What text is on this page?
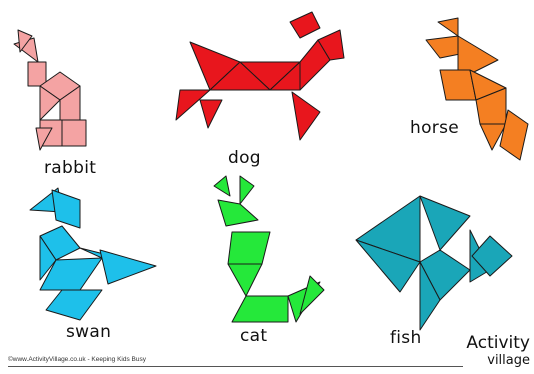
rabbit	dog
horse
swan	cat	fish
©www.ActivityVillage.co.uk - Keeping Kids Busy
Activity
village
